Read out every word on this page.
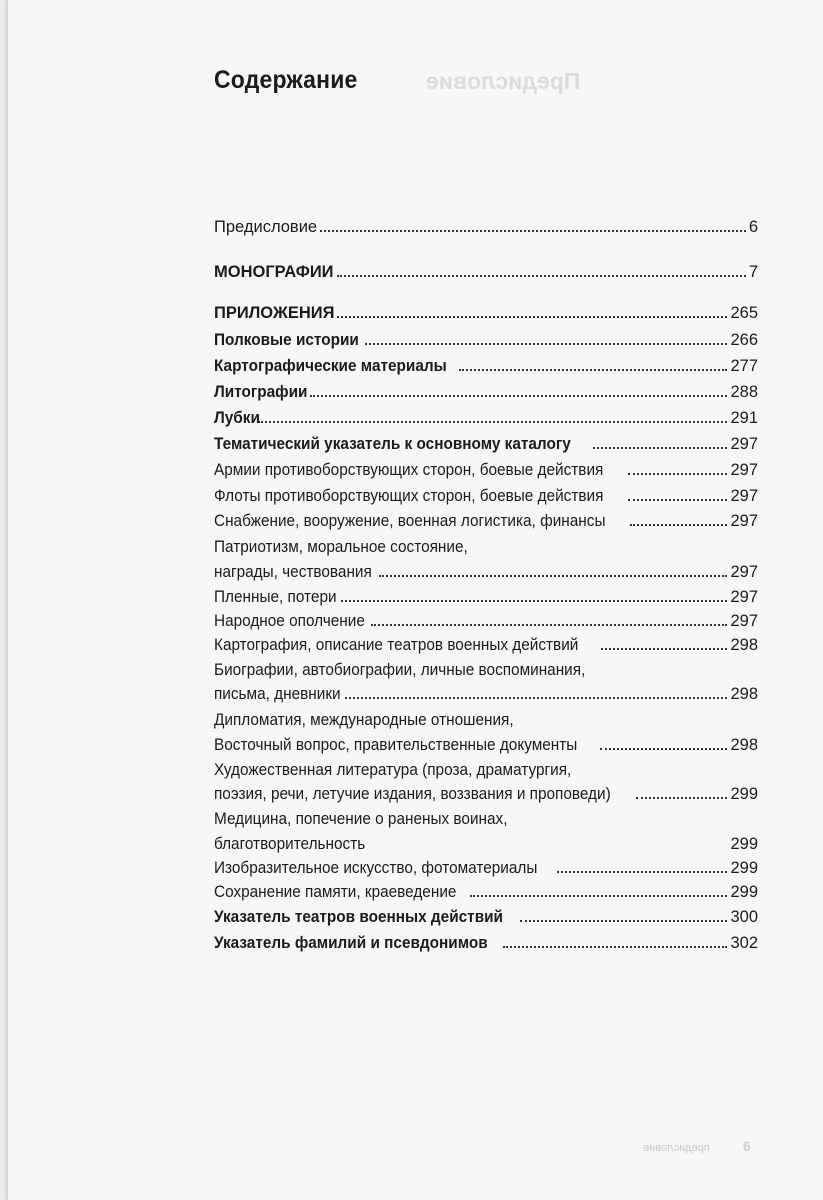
Предисловие
Содержание
Предисловие	6
МОНОГРАФИИ	7
ПРИЛОЖЕНИЯ	265
Полковые истории	266
Картографические материалы	277
Литографии	288
Лубки	291
Тематический указатель к основному каталогу	297
Армии противоборствующих сторон, боевые действия	297
Флоты противоборствующих сторон, боевые действия	297
Снабжение, вооружение, военная логистика, финансы	297
Патриотизм, моральное состояние,
награды, чествования	297
Пленные, потери	297
Народное ополчение	297
Картография, описание театров военных действий	298
Биографии, автобиографии, личные воспоминания,
письма, дневники	298
Дипломатия, международные отношения,
Восточный вопрос, правительственные документы	298
Художественная литература (проза, драматургия,
поэзия, речи, летучие издания, воззвания и проповеди)	299
Медицина, попечение о раненых воинах,
благотворительность	299
Изобразительное искусство, фотоматериалы	299
Сохранение памяти, краеведение	299
Указатель театров военных действий	300
Указатель фамилий и псевдонимов	302
предисловие 6
